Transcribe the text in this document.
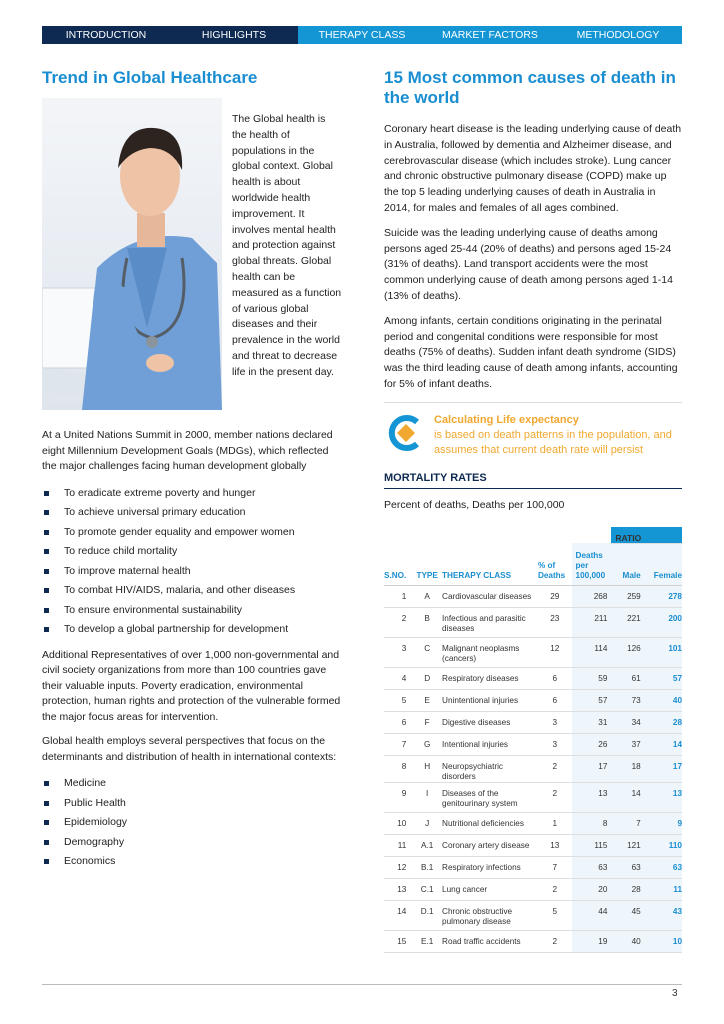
INTRODUCTION	HIGHLIGHTS	THERAPY CLASS REVIEW
MARKET FACTORS	METHODOLOGY
Trend in Global Healthcare
The Global health is the health of populations in the global context. Global health is about worldwide health improvement. It involves mental health and protection against global threats. Global health can be measured as a function of various global diseases and their prevalence in the world and threat to decrease life in the present day.
At a United Nations Summit in 2000, member nations declared eight Millennium Development Goals (MDGs), which reflected the major challenges facing human development globally
To eradicate extreme poverty and hunger
To achieve universal primary education
To promote gender equality and empower women
To reduce child mortality
To improve maternal health
To combat HIV/AIDS, malaria, and other diseases
To ensure environmental sustainability
To develop a global partnership for development
Additional Representatives of over 1,000 non-governmental and civil society organizations from more than 100 countries gave their valuable inputs. Poverty eradication, environmental protection, human rights and protection of the vulnerable formed the major focus areas for intervention.
Global health employs several perspectives that focus on the determinants and distribution of health in international contexts:
Medicine
Public Health
Epidemiology
Demography
Economics
15 Most common causes of death in the world

Coronary heart disease is the leading underlying cause of death in Australia, followed by dementia and Alzheimer disease, and cerebrovascular disease (which includes stroke). Lung cancer and chronic obstructive pulmonary disease (COPD) make up the top 5 leading underlying causes of death in Australia in 2014, for males and females of all ages combined.

Suicide was the leading underlying cause of deaths among persons aged 25-44 (20% of deaths) and persons aged 15-24 (31% of deaths). Land transport accidents were the most common underlying cause of death among persons aged 1-14 (13% of deaths).

Among infants, certain conditions originating in the perinatal period and congenital conditions were responsible for most deaths (75% of deaths). Sudden infant death syndrome (SIDS) was the third leading cause of death among infants, accounting for 5% of infant deaths.

Calculating Life expectancy
is based on death patterns in the population, and assumes that current death rate will persist
MORTALITY RATES
Percent of deaths, Deaths per 100,000
					RATIO	
S.NO.	TYPE	THERAPY CLASS	% of Deaths	Deaths per 100,000	Male	Female
1	A	Cardiovascular diseases	29	268	259	278
2	B	Infectious and parasitic diseases	23	211	221	200
3	C	Malignant neoplasms (cancers)	12	114	126	101
4	D	Respiratory diseases	6	59	61	57
5	E	Unintentional injuries	6	57	73	40
6	F	Digestive diseases	3	31	34	28
7	G	Intentional injuries	3	26	37	14
8	H	Neuropsychiatric disorders	2	17	18	17
9	I	Diseases of the genitourinary system	2	13	14	13
10	J	Nutritional deficiencies	1	8	7	9
11	A.1	Coronary artery disease	13	115	121	110
12	B.1	Respiratory infections	7	63	63	63
13	C.1	Lung cancer	2	20	28	11
14	D.1	Chronic obstructive pulmonary disease	5	44	45	43
15	E.1	Road traffic accidents	2	19	40	10
3
